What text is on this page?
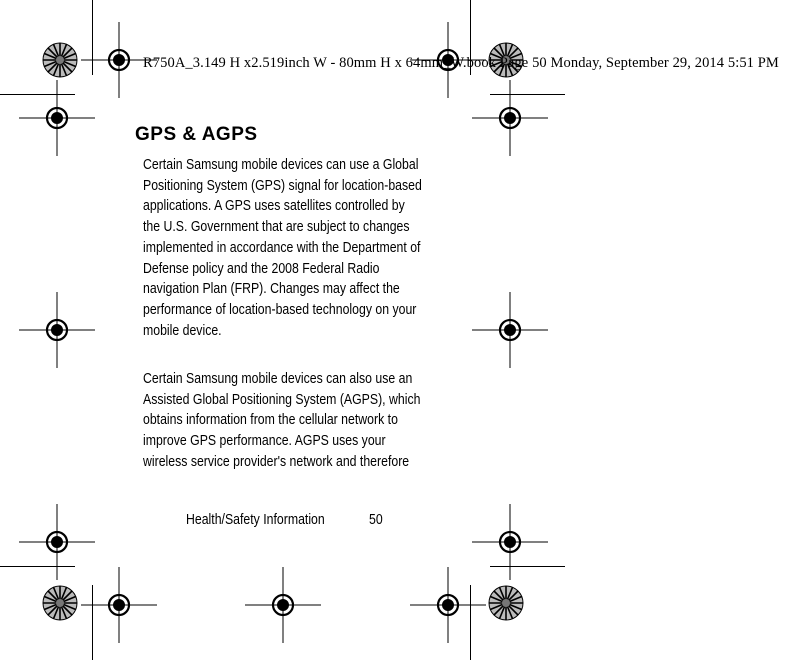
R750A_3.149 H x2.519inch W - 80mm H x 64mm_W.book Page 50 Monday, September 29, 2014 5:51 PM
GPS & AGPS

Certain Samsung mobile devices can use a Global Positioning System (GPS) signal for location-based applications. A GPS uses satellites controlled by the U.S. Government that are subject to changes implemented in accordance with the Department of Defense policy and the 2008 Federal Radio navigation Plan (FRP). Changes may affect the performance of location-based technology on your mobile device.

Certain Samsung mobile devices can also use an Assisted Global Positioning System (AGPS), which obtains information from the cellular network to improve GPS performance. AGPS uses your wireless service provider's network and therefore

Health/Safety Information	50
